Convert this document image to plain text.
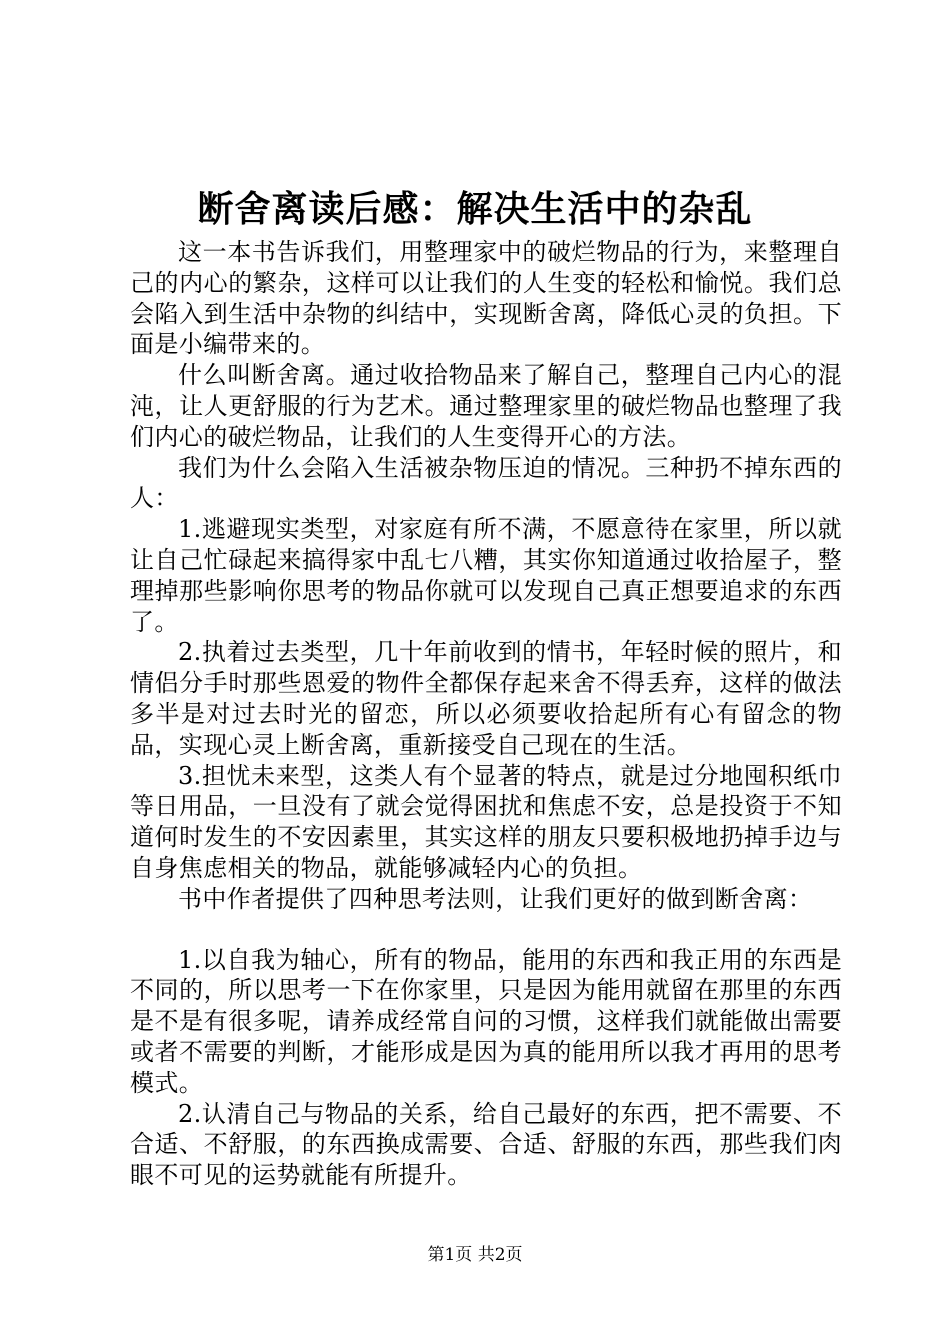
断舍离读后感：解决生活中的杂乱

这一本书告诉我们，用整理家中的破烂物品的行为，来整理自己的内心的繁杂，这样可以让我们的人生变的轻松和愉悦。我们总会陷入到生活中杂物的纠结中，实现断舍离，降低心灵的负担。下面是小编带来的。

什么叫断舍离。通过收拾物品来了解自己，整理自己内心的混沌，让人更舒服的行为艺术。通过整理家里的破烂物品也整理了我们内心的破烂物品，让我们的人生变得开心的方法。

我们为什么会陷入生活被杂物压迫的情况。三种扔不掉东西的人：

1.逃避现实类型，对家庭有所不满，不愿意待在家里，所以就让自己忙碌起来搞得家中乱七八糟，其实你知道通过收拾屋子，整理掉那些影响你思考的物品你就可以发现自己真正想要追求的东西了。

2.执着过去类型，几十年前收到的情书，年轻时候的照片，和情侣分手时那些恩爱的物件全都保存起来舍不得丢弃，这样的做法多半是对过去时光的留恋，所以必须要收拾起所有心有留念的物品，实现心灵上断舍离，重新接受自己现在的生活。

3.担忧未来型，这类人有个显著的特点，就是过分地囤积纸巾等日用品，一旦没有了就会觉得困扰和焦虑不安，总是投资于不知道何时发生的不安因素里，其实这样的朋友只要积极地扔掉手边与自身焦虑相关的物品，就能够减轻内心的负担。

书中作者提供了四种思考法则，让我们更好的做到断舍离：

1.以自我为轴心，所有的物品，能用的东西和我正用的东西是不同的，所以思考一下在你家里，只是因为能用就留在那里的东西是不是有很多呢，请养成经常自问的习惯，这样我们就能做出需要或者不需要的判断，才能形成是因为真的能用所以我才再用的思考模式。

2.认清自己与物品的关系，给自己最好的东西，把不需要、不合适、不舒服，的东西换成需要、合适、舒服的东西，那些我们肉眼不可见的运势就能有所提升。

第1页 共2页
